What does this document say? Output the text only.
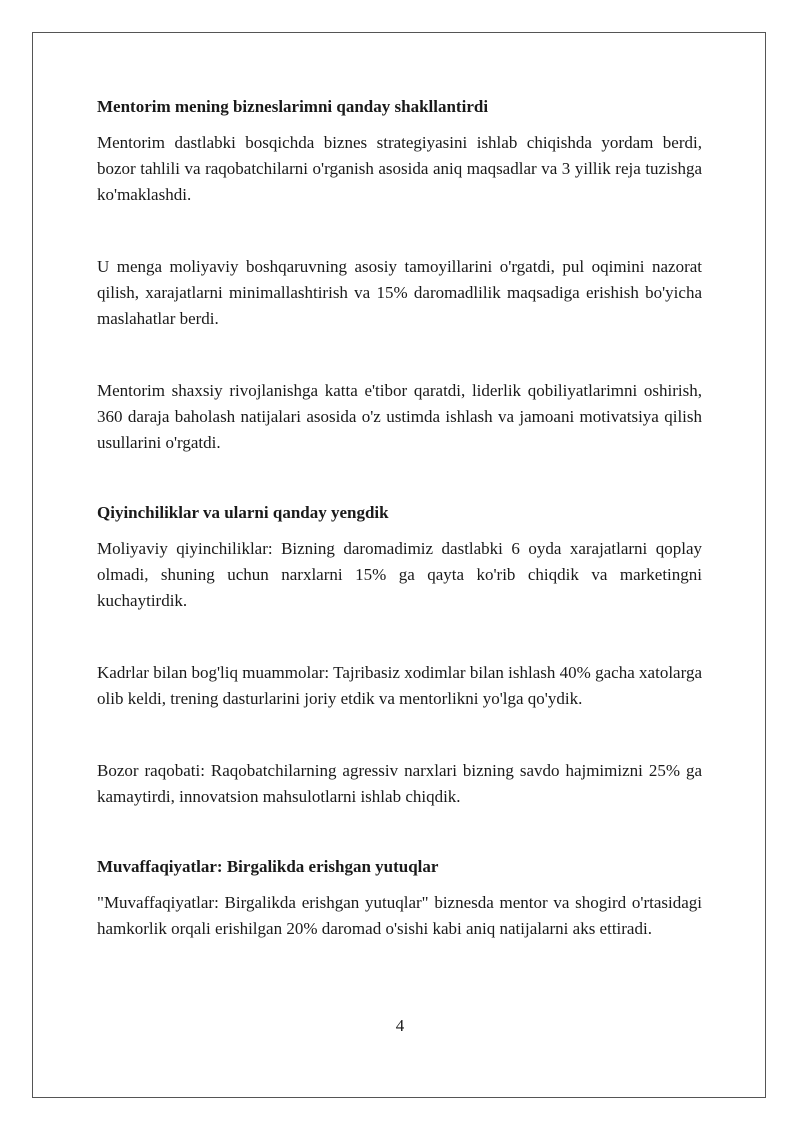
Mentorim mening bizneslarimni qanday shakllantirdi

Mentorim dastlabki bosqichda biznes strategiyasini ishlab chiqishda yordam berdi, bozor tahlili va raqobatchilarni o'rganish asosida aniq maqsadlar va 3 yillik reja tuzishga ko'maklashdi.

U menga moliyaviy boshqaruvning asosiy tamoyillarini o'rgatdi, pul oqimini nazorat qilish, xarajatlarni minimallashtirish va 15% daromadlilik maqsadiga erishish bo'yicha maslahatlar berdi.

Mentorim shaxsiy rivojlanishga katta e'tibor qaratdi, liderlik qobiliyatlarimni oshirish, 360 daraja baholash natijalari asosida o'z ustimda ishlash va jamoani motivatsiya qilish usullarini o'rgatdi.

Qiyinchiliklar va ularni qanday yengdik

Moliyaviy qiyinchiliklar: Bizning daromadimiz dastlabki 6 oyda xarajatlarni qoplay olmadi, shuning uchun narxlarni 15% ga qayta ko'rib chiqdik va marketingni kuchaytirdik.

Kadrlar bilan bog'liq muammolar: Tajribasiz xodimlar bilan ishlash 40% gacha xatolarga olib keldi, trening dasturlarini joriy etdik va mentorlikni yo'lga qo'ydik.

Bozor raqobati: Raqobatchilarning agressiv narxlari bizning savdo hajmimizni 25% ga kamaytirdi, innovatsion mahsulotlarni ishlab chiqdik.

Muvaffaqiyatlar: Birgalikda erishgan yutuqlar

"Muvaffaqiyatlar: Birgalikda erishgan yutuqlar" biznesda mentor va shogird o'rtasidagi hamkorlik orqali erishilgan 20% daromad o'sishi kabi aniq natijalarni aks ettiradi.

4
